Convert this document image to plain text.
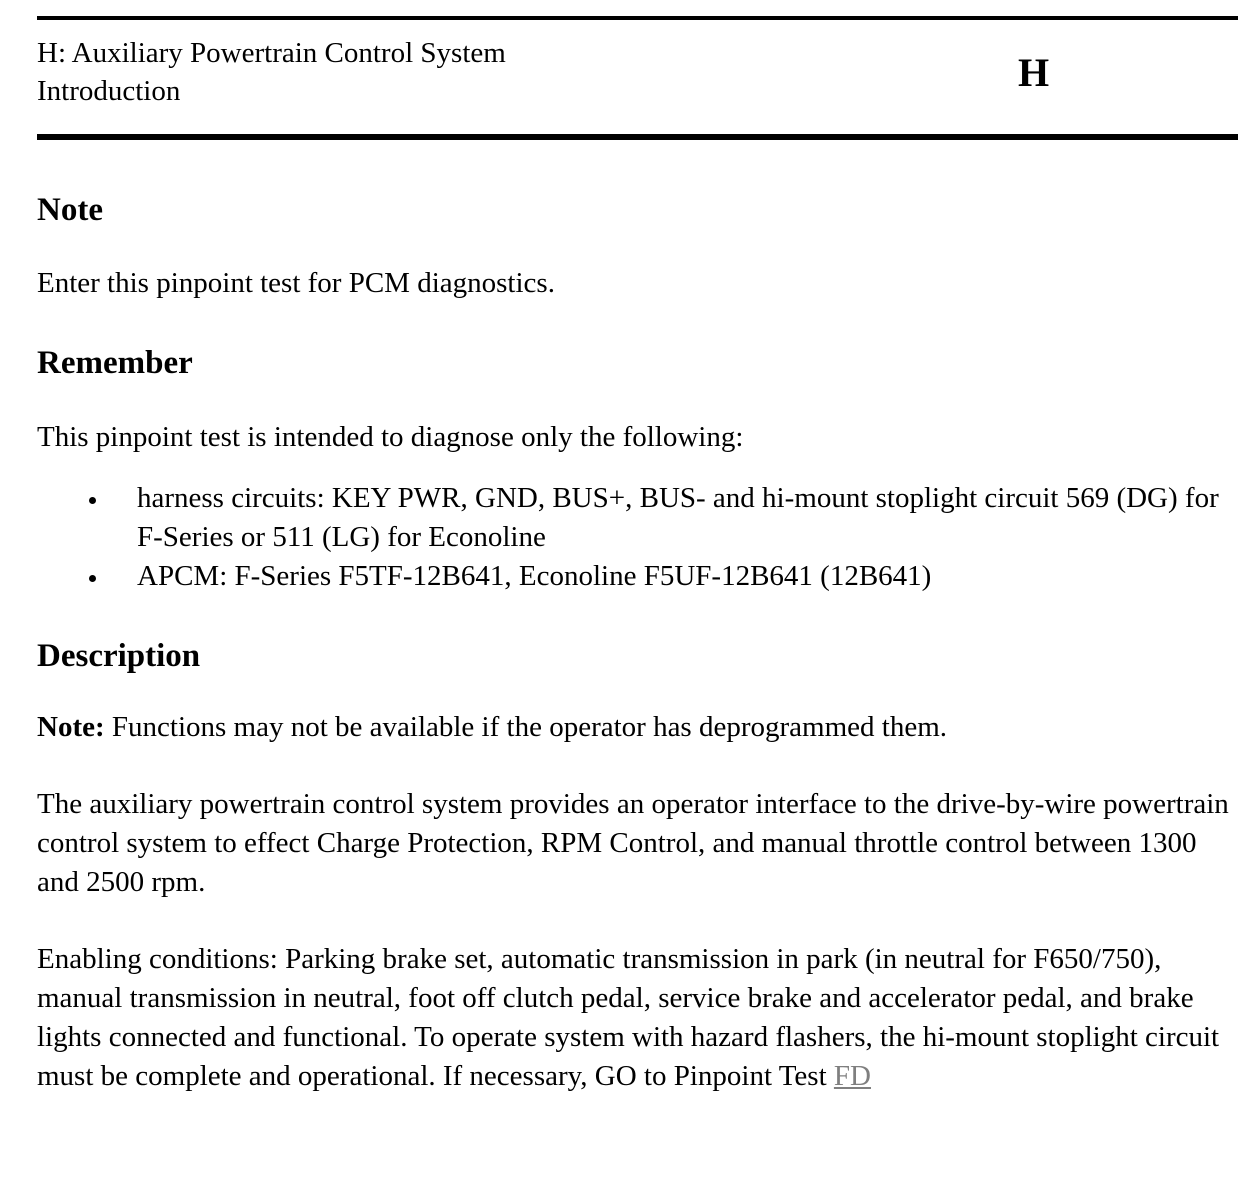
H: Auxiliary Powertrain Control System
Introduction	H
Note

Enter this pinpoint test for PCM diagnostics.

Remember

This pinpoint test is intended to diagnose only the following:

harness circuits: KEY PWR, GND, BUS+, BUS- and hi-mount stoplight circuit 569 (DG) for F-Series or 511 (LG) for Econoline
APCM: F-Series F5TF-12B641, Econoline F5UF-12B641 (12B641)
Description

Note: Functions may not be available if the operator has deprogrammed them.

The auxiliary powertrain control system provides an operator interface to the drive-by-wire powertrain control system to effect Charge Protection, RPM Control, and manual throttle control between 1300 and 2500 rpm.

Enabling conditions: Parking brake set, automatic transmission in park (in neutral for F650/750), manual transmission in neutral, foot off clutch pedal, service brake and accelerator pedal, and brake lights connected and functional. To operate system with hazard flashers, the hi-mount stoplight circuit must be complete and operational. If necessary, GO to Pinpoint Test FD
